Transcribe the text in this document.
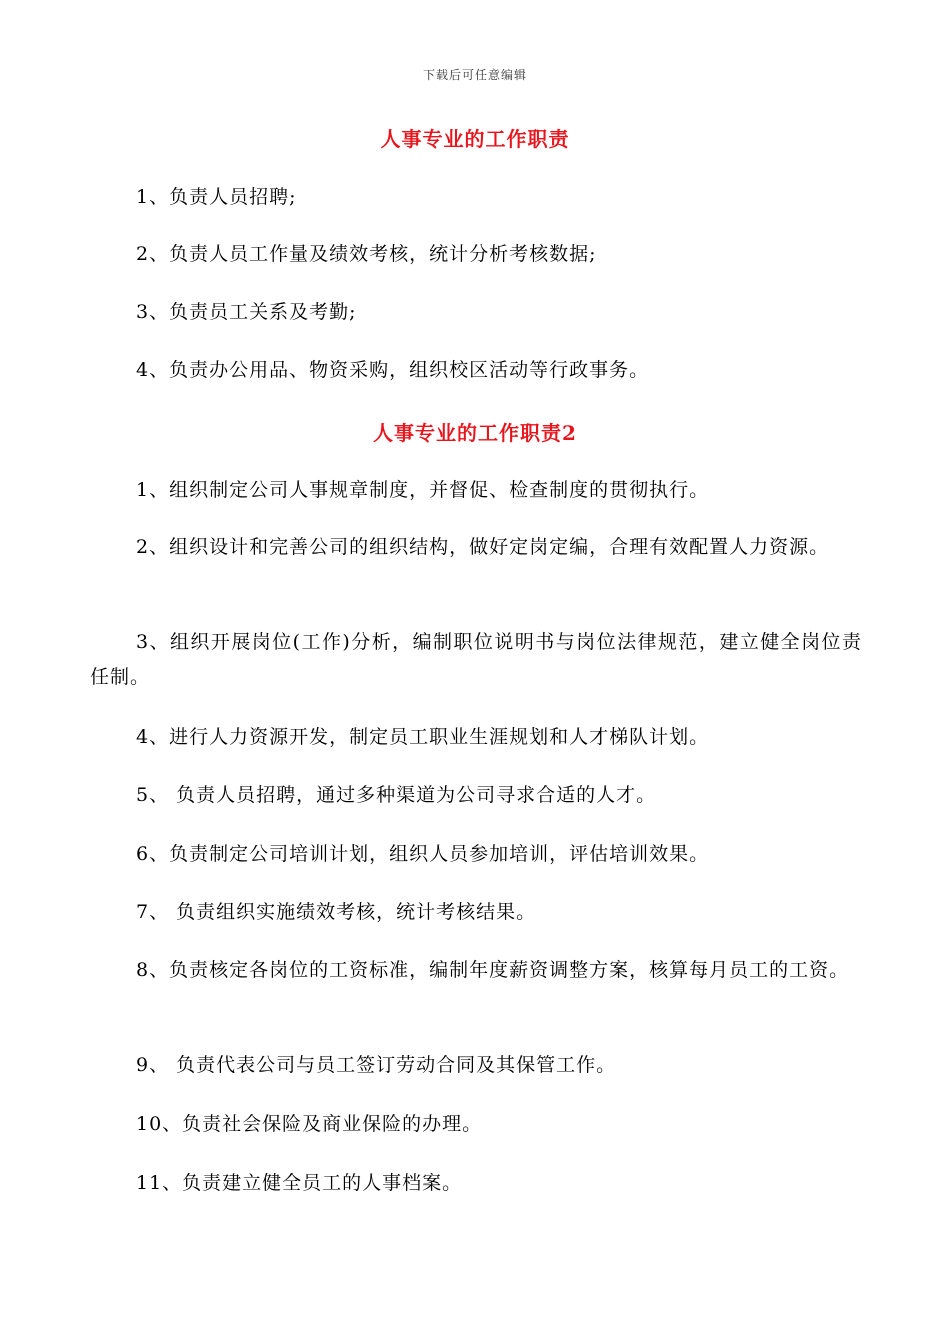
下载后可任意编辑
人事专业的工作职责
1、负责人员招聘;
2、负责人员工作量及绩效考核，统计分析考核数据;
3、负责员工关系及考勤;
4、负责办公用品、物资采购，组织校区活动等行政事务。
人事专业的工作职责2
1、组织制定公司人事规章制度，并督促、检查制度的贯彻执行。
2、组织设计和完善公司的组织结构，做好定岗定编，合理有效配置人力资源。
3、组织开展岗位(工作)分析，编制职位说明书与岗位法律规范，建立健全岗位责任制。
4、进行人力资源开发，制定员工职业生涯规划和人才梯队计划。
5、 负责人员招聘，通过多种渠道为公司寻求合适的人才。
6、负责制定公司培训计划，组织人员参加培训，评估培训效果。
7、 负责组织实施绩效考核，统计考核结果。
8、负责核定各岗位的工资标准，编制年度薪资调整方案，核算每月员工的工资。
9、 负责代表公司与员工签订劳动合同及其保管工作。
10、负责社会保险及商业保险的办理。
11、负责建立健全员工的人事档案。
